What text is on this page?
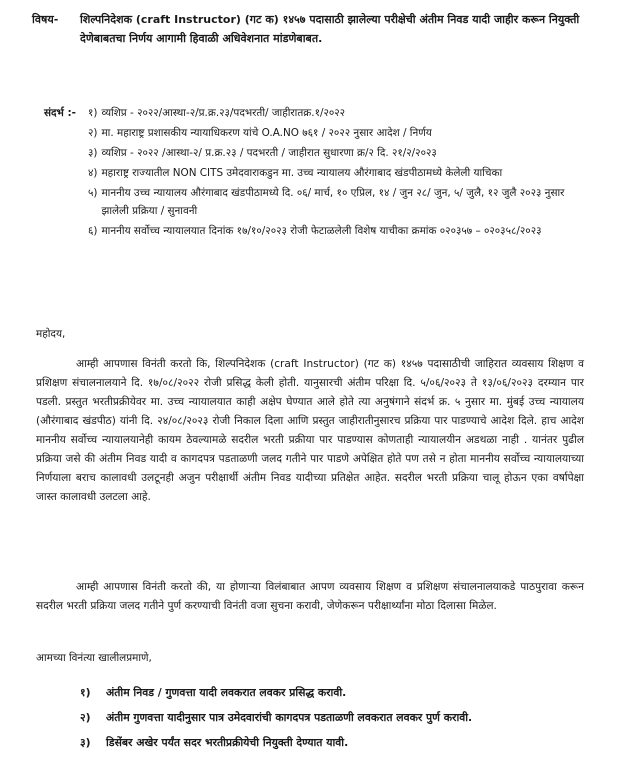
विषय- शिल्पनिदेशक (craft Instructor) (गट क) १४५७ पदासाठी झालेल्या परीक्षेची अंतीम निवड यादी जाहीर करून नियुक्ती देणेबाबतचा निर्णय आगामी हिवाळी अधिवेशनात मांडणेबाबत.
संदर्भ :- १) व्यशिप्र - २०२२/आस्था-२/प्र.क्र.२३/पदभरती/ जाहीरातक्र.१/२०२२
२) मा. महाराष्ट्र प्रशासकीय न्यायाधिकरण यांचे O.A.NO ७६१ / २०२२ नुसार आदेश / निर्णय
३) व्यशिप्र - २०२२ /आस्था-२/ प्र.क्र.२३ / पदभरती / जाहीरात सुधारणा क्र/२ दि. २१/२/२०२३
४) महाराष्ट्र राज्यातील NON CITS उमेदवाराकडुन मा. उच्च न्यायालय औरंगाबाद खंडपीठामध्ये केलेली याचिका
५) माननीय उच्च न्यायालय औरंगाबाद खंडपीठामध्ये दि. ०६/ मार्च, १० एप्रिल, १४ / जुन २८/ जुन, ५/ जुलै, १२ जुलै २०२३ नुसार झालेली प्रक्रिया / सुनावनी
६) माननीय सर्वोच्च न्यायालयात दिनांक १७/१०/२०२३ रोजी फेटाळलेली विशेष याचीका क्रमांक ०२०३५७ – ०२०३५८/२०२३
महोदय,
आम्ही आपणास विनंती करतो कि, शिल्पनिदेशक (craft Instructor) (गट क) १४५७ पदासाठीची जाहिरात व्यवसाय शिक्षण व प्रशिक्षण संचालनालयाने दि. १७/०८/२०२२ रोजी प्रसिद्ध केली होती. यानुसारची अंतीम परिक्षा दि. ५/०६/२०२३ ते १३/०६/२०२३ दरम्यान पार पडली. प्रस्तुत भरतीप्रक्रीयेवर मा. उच्च न्यायालयात काही अक्षेप घेण्यात आले होते त्या अनुषंगाने संदर्भ क्र. ५ नुसार मा. मुंबई उच्च न्यायालय (औरंगाबाद खंडपीठ) यांनी दि. २४/०८/२०२३ रोजी निकाल दिला आणि प्रस्तुत जाहीरातीनुसारच प्रक्रिया पार पाडण्याचे आदेश दिले. हाच आदेश माननीय सर्वोच्च न्यायालयानेही कायम ठेवल्यामळे सदरील भरती प्रक्रीया पार पाडण्यास कोणताही न्यायालयीन अडथळा नाही . यानंतर पुढील प्रक्रिया जसे की अंतीम निवड यादी व कागदपत्र पडताळणी जलद गतीने पार पाडणे अपेक्षित होते पण तसे न होता माननीय सर्वोच्च न्यायालयाच्या निर्णयाला बराच कालावधी उलटूनही अजुन परीक्षार्थी अंतीम निवड यादीच्या प्रतिक्षेत आहेत. सदरील भरती प्रक्रिया चालू होऊन एका वर्षापेक्षा जास्त कालावधी उलटला आहे.
आम्ही आपणास विनंती करतो की, या होणाऱ्या विलंबाबात आपण व्यवसाय शिक्षण व प्रशिक्षण संचालनालयाकडे पाठपुरावा करून सदरील भरती प्रक्रिया जलद गतीने पुर्ण करण्याची विनंती वजा सुचना करावी, जेणेकरून परीक्षार्थ्यांना मोठा दिलासा मिळेल.
आमच्या विनंत्या खालीलप्रमाणे,
१)	अंतीम निवड / गुणवत्ता यादी लवकरात लवकर प्रसिद्ध करावी.
२)	अंतीम गुणवत्ता यादीनुसार पात्र उमेदवारांची कागदपत्र पडताळणी लवकरात लवकर पुर्ण करावी.
३)	डिसेंबर अखेर पर्यंत सदर भरतीप्रक्रीयेची नियुक्ती देण्यात यावी.
